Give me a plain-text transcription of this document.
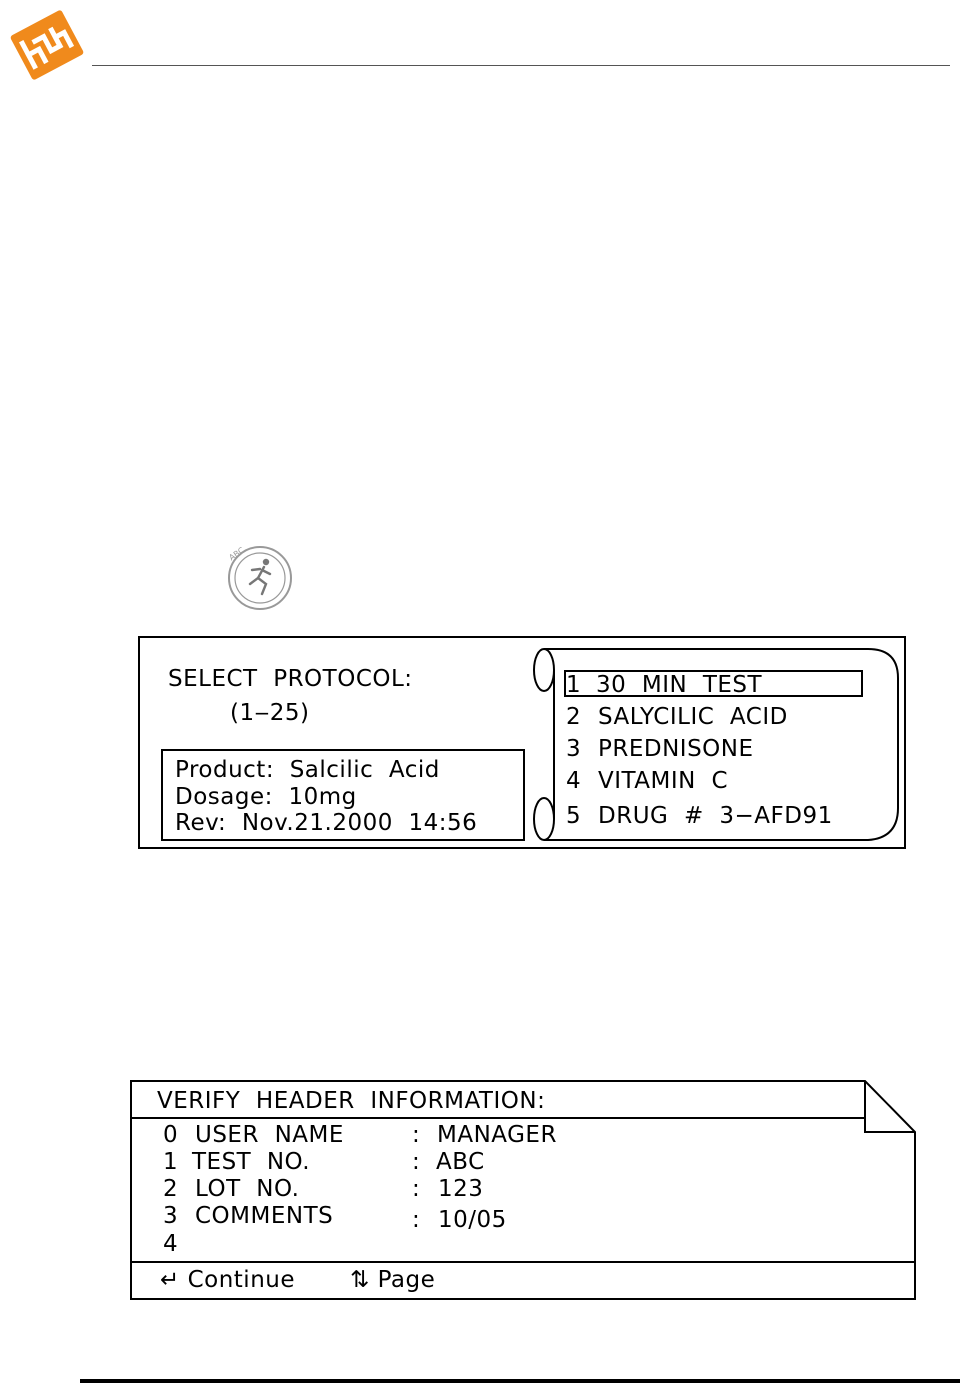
ABC
SELECT  PROTOCOL:
(1‒25)
Product:  Salcilic  Acid
Dosage:  10mg
Rev:  Nov.21.2000  14:56
1 30  MIN  TEST
2 SALYCILIC  ACID
3 PREDNISONE
4 VITAMIN  C
5 DRUG  #  3−AFD91
VERIFY  HEADER  INFORMATION:
0 USER  NAME	: MANAGER
1 TEST  NO.	: ABC
2 LOT  NO.	: 123
3 COMMENTS	: 10/05
4
↵ Continue ⇅ Page
